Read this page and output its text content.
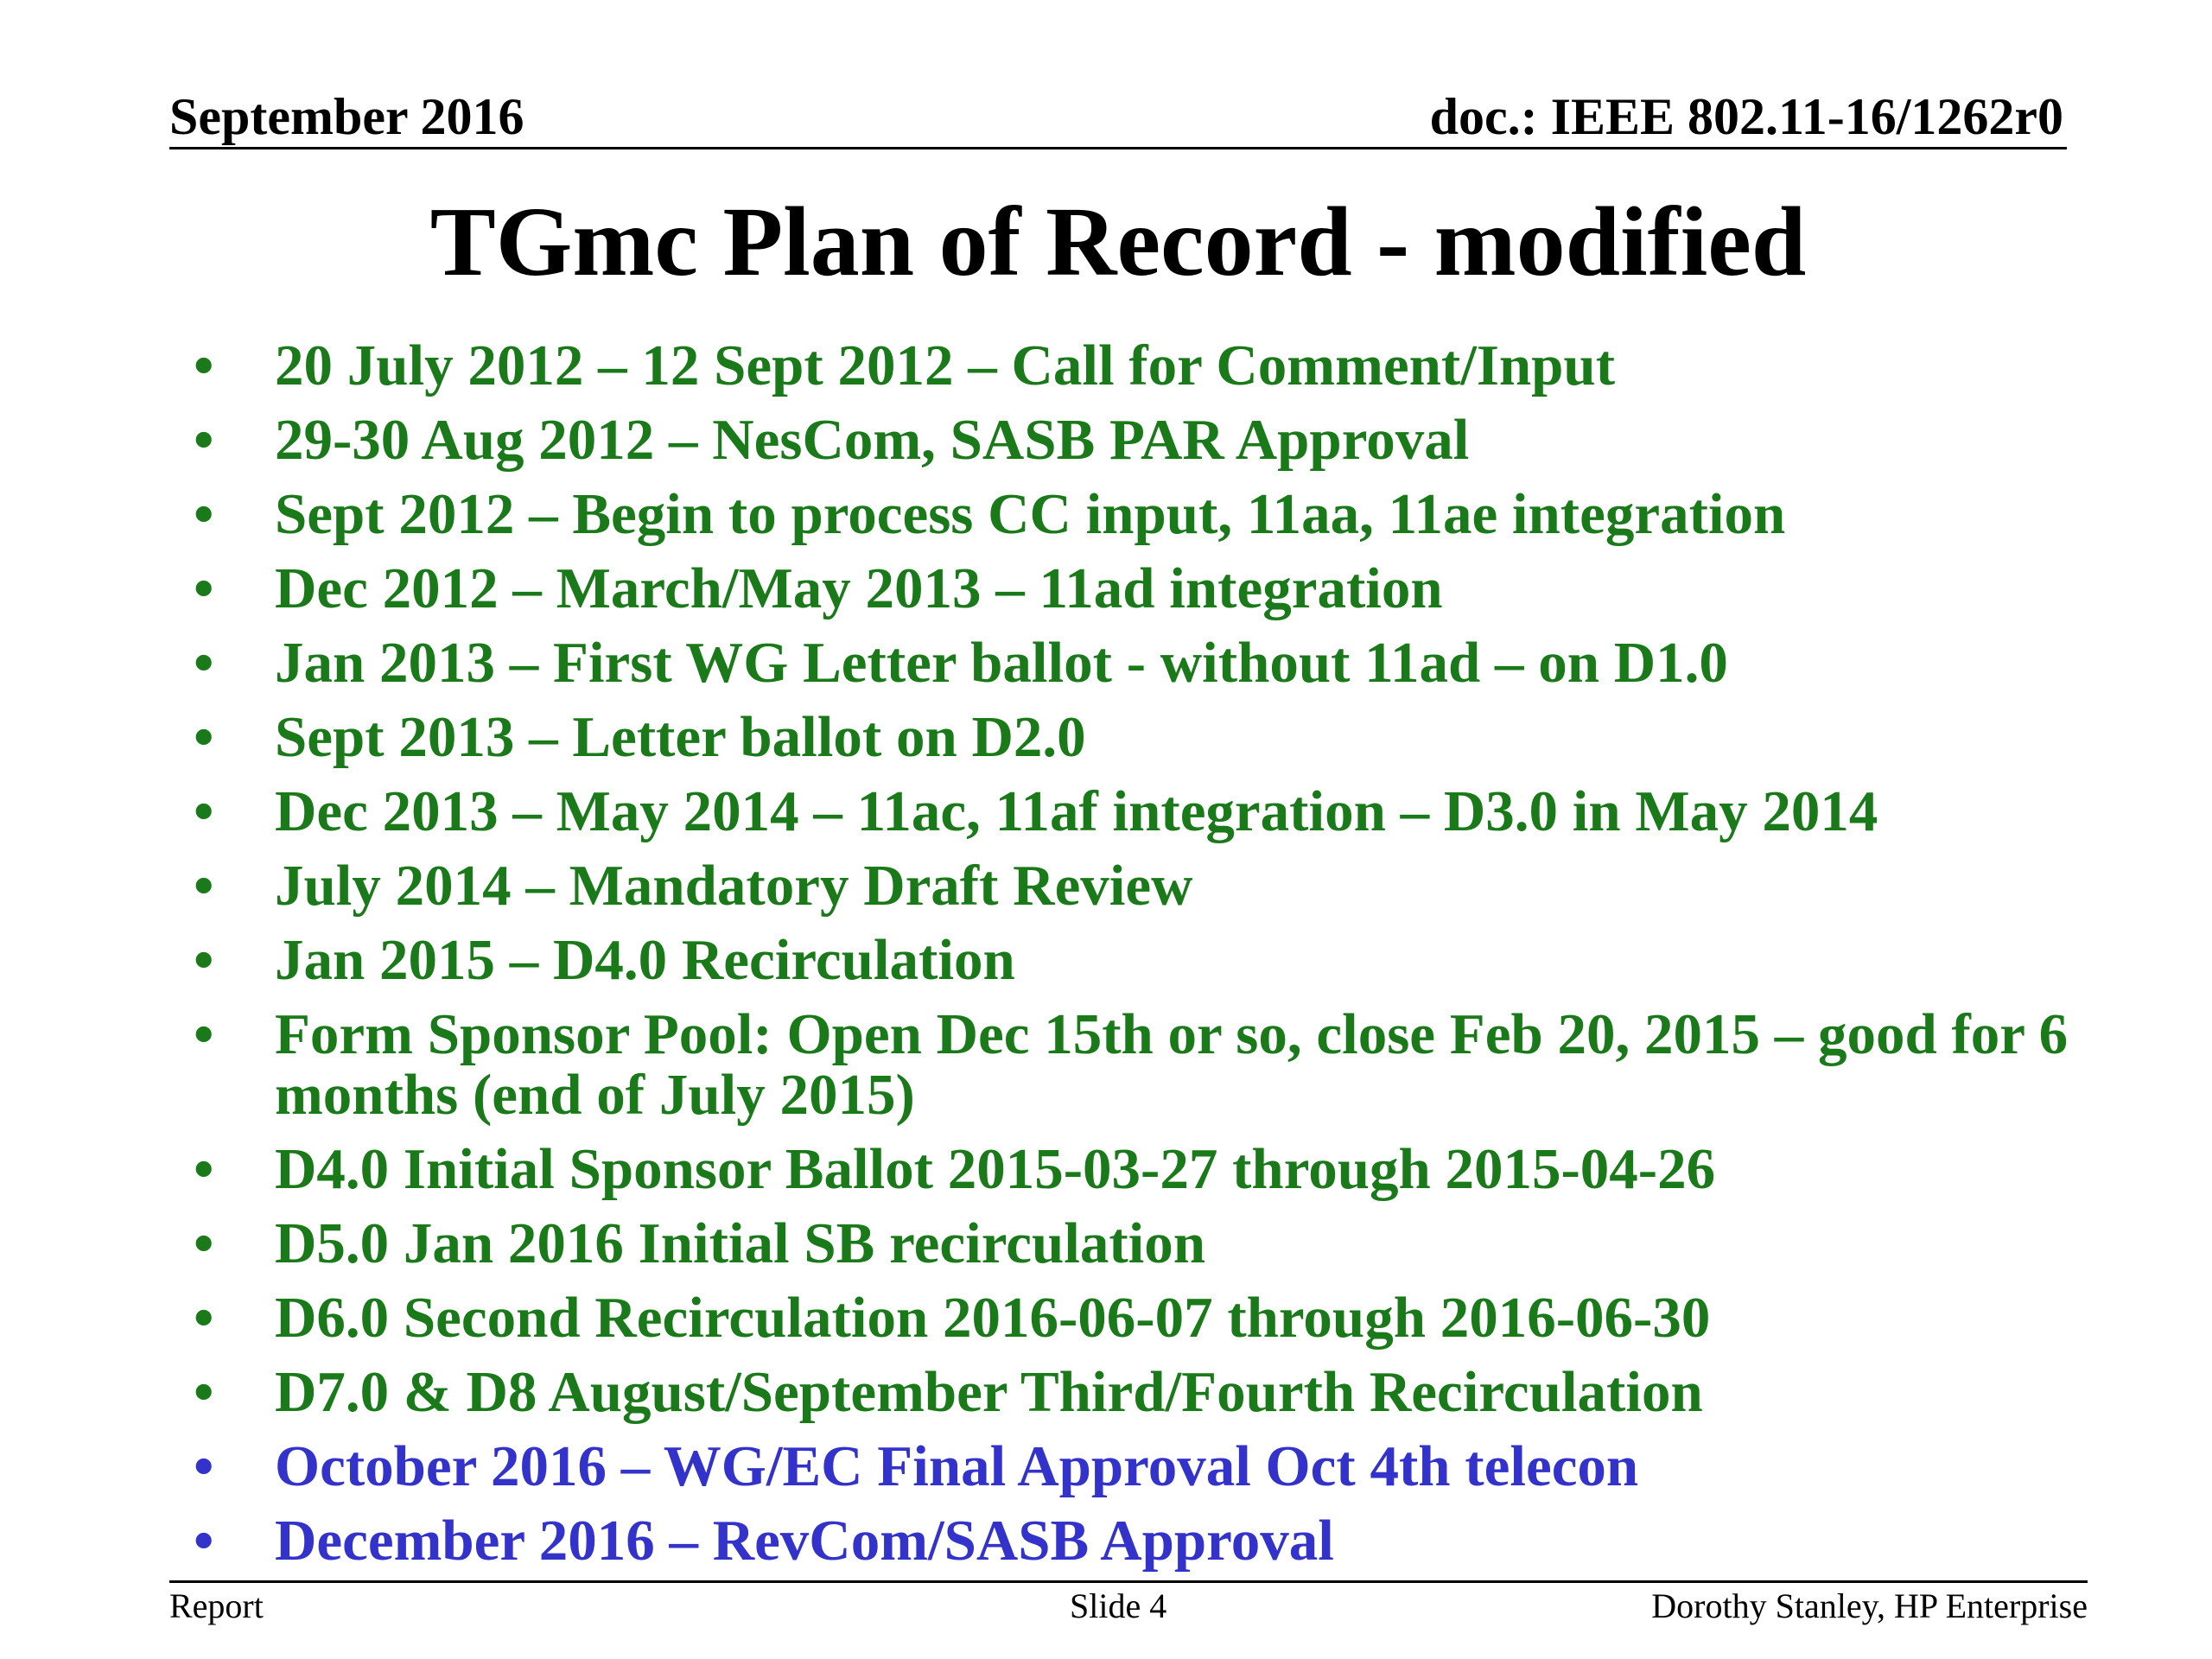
September 2016	doc.: IEEE 802.11-16/1262r0
TGmc Plan of Record - modified
• 20 July 2012 – 12 Sept 2012 – Call for Comment/Input
• 29-30 Aug 2012 – NesCom, SASB PAR Approval
• Sept 2012 – Begin to process CC input, 11aa, 11ae integration
• Dec 2012 – March/May 2013 – 11ad integration
• Jan 2013 – First WG Letter ballot - without 11ad – on D1.0
• Sept 2013 – Letter ballot on D2.0
• Dec 2013 – May 2014 – 11ac, 11af integration – D3.0 in May 2014
• July 2014 – Mandatory Draft Review
• Jan 2015 – D4.0 Recirculation
• Form Sponsor Pool: Open Dec 15th or so, close Feb 20, 2015 – good for 6 months (end of July 2015)
• D4.0 Initial Sponsor Ballot 2015-03-27 through 2015-04-26
• D5.0 Jan 2016 Initial SB recirculation
• D6.0 Second Recirculation 2016-06-07 through 2016-06-30
• D7.0 & D8 August/September Third/Fourth Recirculation
• October 2016 – WG/EC Final Approval Oct 4th telecon
• December 2016 – RevCom/SASB Approval
Report	Slide 4	Dorothy Stanley, HP Enterprise
